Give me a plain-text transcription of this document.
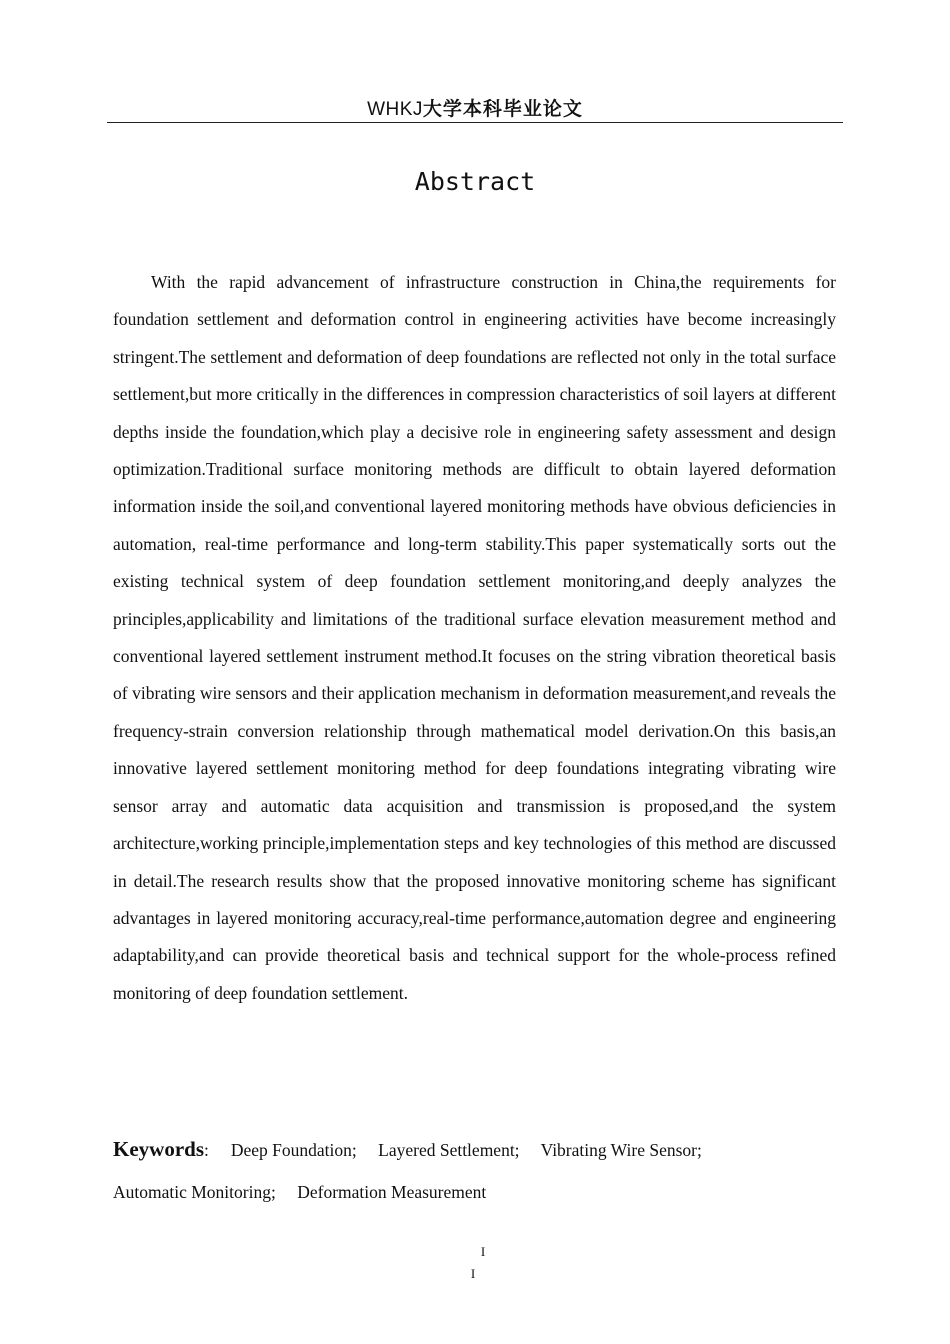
WHKJ大学本科毕业论文
Abstract

With the rapid advancement of infrastructure construction in China,the requirements for foundation settlement and deformation control in engineering activities have become increasingly stringent.The settlement and deformation of deep foundations are reflected not only in the total surface settlement,but more critically in the differences in compression characteristics of soil layers at different depths inside the foundation,which play a decisive role in engineering safety assessment and design optimization.Traditional surface monitoring methods are difficult to obtain layered deformation information inside the soil,and conventional layered monitoring methods have obvious deficiencies in automation, real-time performance and long-term stability.This paper systematically sorts out the existing technical system of deep foundation settlement monitoring,and deeply analyzes the principles,applicability and limitations of the traditional surface elevation measurement method and conventional layered settlement instrument method.It focuses on the string vibration theoretical basis of vibrating wire sensors and their application mechanism in deformation measurement,and reveals the frequency-strain conversion relationship through mathematical model derivation.On this basis,an innovative layered settlement monitoring method for deep foundations integrating vibrating wire sensor array and automatic data acquisition and transmission is proposed,and the system architecture,working principle,implementation steps and key technologies of this method are discussed in detail.The research results show that the proposed innovative monitoring scheme has significant advantages in layered monitoring accuracy,real-time performance,automation degree and engineering adaptability,and can provide theoretical basis and technical support for the whole-process refined monitoring of deep foundation settlement.

Keywords: Deep Foundation; Layered Settlement; Vibrating Wire Sensor;
Automatic Monitoring; Deformation Measurement
I
I
